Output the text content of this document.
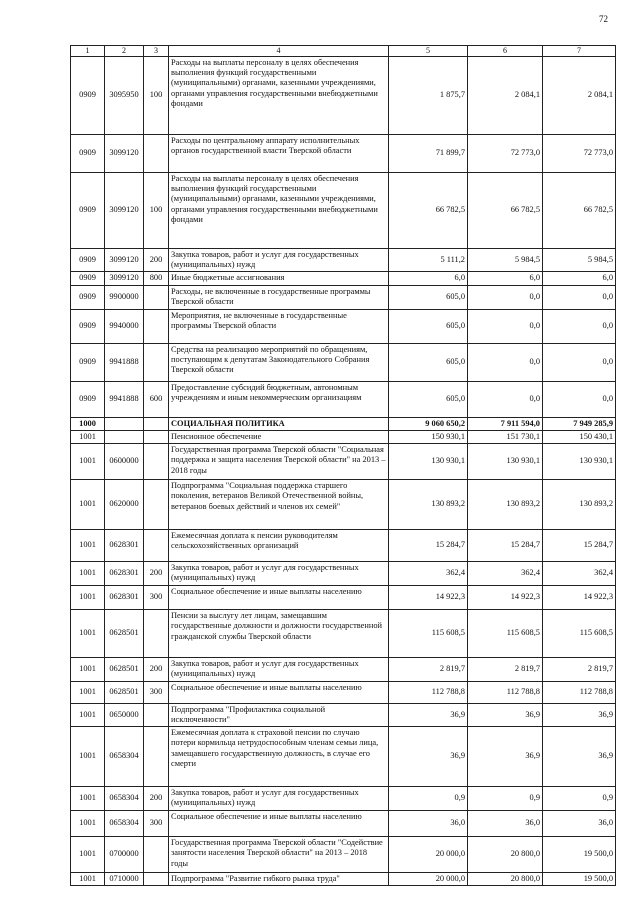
72
1	2	3	4	5	6	7
0909	3095950	100	Расходы на выплаты персоналу в целях обеспечения выполнения функций государственными (муниципальными) органами, казенными учреждениями, органами управления государственными внебюджетными фондами	1 875,7	2 084,1	2 084,1
0909	3099120		Расходы по центральному аппарату исполнительных органов государственной власти Тверской области	71 899,7	72 773,0	72 773,0
0909	3099120	100	Расходы на выплаты персоналу в целях обеспечения выполнения функций государственными (муниципальными) органами, казенными учреждениями, органами управления государственными внебюджетными фондами	66 782,5	66 782,5	66 782,5
0909	3099120	200	Закупка товаров, работ и услуг для государственных (муниципальных) нужд	5 111,2	5 984,5	5 984,5
0909	3099120	800	Иные бюджетные ассигнования	6,0	6,0	6,0
0909	9900000		Расходы, не включенные в государственные программы Тверской области	605,0	0,0	0,0
0909	9940000		Мероприятия, не включенные в государственные программы Тверской области	605,0	0,0	0,0
0909	9941888		Средства на реализацию мероприятий по обращениям, поступающим к депутатам Законодательного Собрания Тверской области	605,0	0,0	0,0
0909	9941888	600	Предоставление субсидий бюджетным, автономным учреждениям и иным некоммерческим организациям	605,0	0,0	0,0
1000			СОЦИАЛЬНАЯ ПОЛИТИКА	9 060 650,2	7 911 594,0	7 949 285,9
1001			Пенсионное обеспечение	150 930,1	151 730,1	150 430,1
1001	0600000		Государственная программа Тверской области "Социальная поддержка и защита населения Тверской области" на 2013 – 2018 годы	130 930,1	130 930,1	130 930,1
1001	0620000		Подпрограмма "Социальная поддержка старшего поколения, ветеранов Великой Отечественной войны, ветеранов боевых действий и членов их семей"	130 893,2	130 893,2	130 893,2
1001	0628301		Ежемесячная доплата к пенсии руководителям сельскохозяйственных организаций	15 284,7	15 284,7	15 284,7
1001	0628301	200	Закупка товаров, работ и услуг для государственных (муниципальных) нужд	362,4	362,4	362,4
1001	0628301	300	Социальное обеспечение и иные выплаты населению	14 922,3	14 922,3	14 922,3
1001	0628501		Пенсии за выслугу лет лицам, замещавшим государственные должности и должности государственной гражданской службы Тверской области	115 608,5	115 608,5	115 608,5
1001	0628501	200	Закупка товаров, работ и услуг для государственных (муниципальных) нужд	2 819,7	2 819,7	2 819,7
1001	0628501	300	Социальное обеспечение и иные выплаты населению	112 788,8	112 788,8	112 788,8
1001	0650000		Подпрограмма "Профилактика социальной исключенности"	36,9	36,9	36,9
1001	0658304		Ежемесячная доплата к страховой пенсии по случаю потери кормильца нетрудоспособным членам семьи лица, замещавшего государственную должность, в случае его смерти	36,9	36,9	36,9
1001	0658304	200	Закупка товаров, работ и услуг для государственных (муниципальных) нужд	0,9	0,9	0,9
1001	0658304	300	Социальное обеспечение и иные выплаты населению	36,0	36,0	36,0
1001	0700000		Государственная программа Тверской области "Содействие занятости населения Тверской области" на 2013 – 2018 годы	20 000,0	20 800,0	19 500,0
1001	0710000		Подпрограмма "Развитие гибкого рынка труда"	20 000,0	20 800,0	19 500,0
